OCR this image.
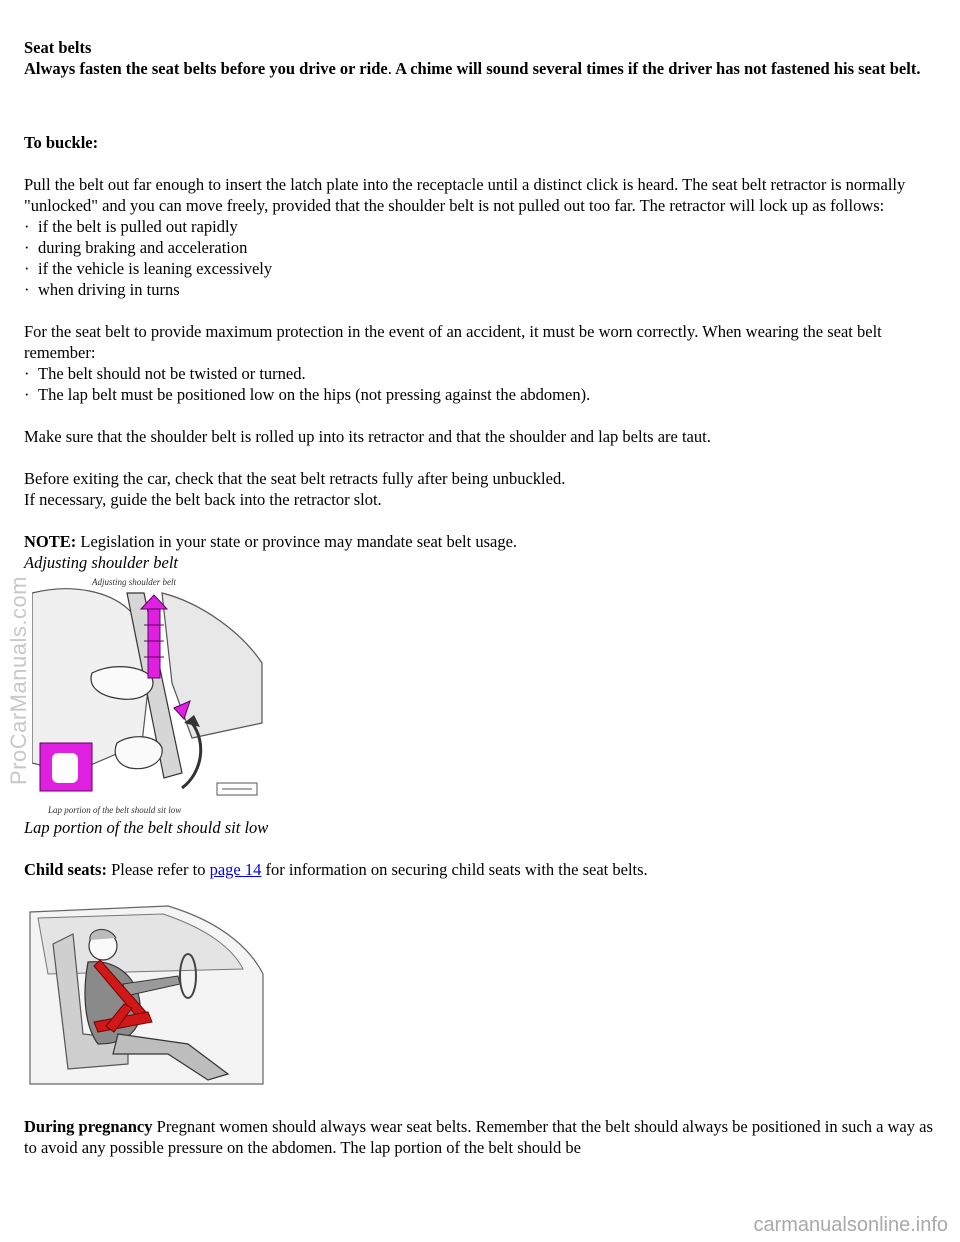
ProCarManuals.com

Seat belts

Always fasten the seat belts before you drive or ride. A chime will sound several times if the driver has not fastened his seat belt.

To buckle:

Pull the belt out far enough to insert the latch plate into the receptacle until a distinct click is heard. The seat belt retractor is normally "unlocked" and you can move freely, provided that the shoulder belt is not pulled out too far. The retractor will lock up as follows:

· if the belt is pulled out rapidly
· during braking and acceleration
· if the vehicle is leaning excessively
· when driving in turns

For the seat belt to provide maximum protection in the event of an accident, it must be worn correctly. When wearing the seat belt remember:

· The belt should not be twisted or turned.
· The lap belt must be positioned low on the hips (not pressing against the abdomen).

Make sure that the shoulder belt is rolled up into its retractor and that the shoulder and lap belts are taut.

Before exiting the car, check that the seat belt retracts fully after being unbuckled.

If necessary, guide the belt back into the retractor slot.

NOTE: Legislation in your state or province may mandate seat belt usage.

Adjusting shoulder belt

Adjusting shoulder belt
Lap portion of the belt should sit low

Lap portion of the belt should sit low

Child seats: Please refer to page 14 for information on securing child seats with the seat belts.

During pregnancy Pregnant women should always wear seat belts. Remember that the belt should always be positioned in such a way as to avoid any possible pressure on the abdomen. The lap portion of the belt should be

carmanualsonline.info
